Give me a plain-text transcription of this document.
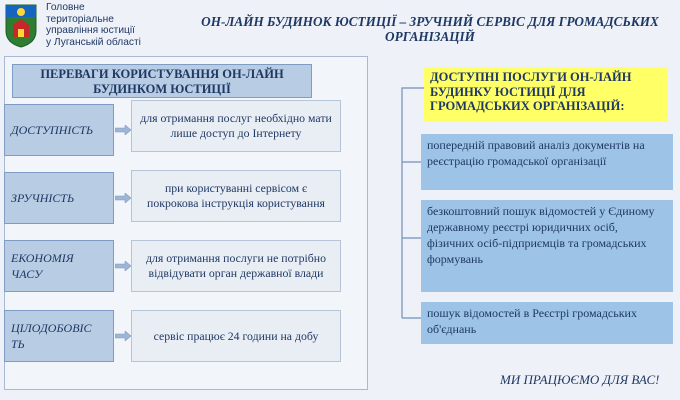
Головне
територіальне
управління юстиції
у Луганській області
ОН-ЛАЙН БУДИНОК ЮСТИЦІЇ – ЗРУЧНИЙ СЕРВІС ДЛЯ ГРОМАДСЬКИХ
ОРГАНІЗАЦІЙ
ПЕРЕВАГИ КОРИСТУВАННЯ ОН-ЛАЙН
БУДИНКОМ ЮСТИЦІЇ
ДОСТУПНІСТЬ
для отримання послуг необхідно мати лише доступ до Інтернету
ЗРУЧНІСТЬ
при користуванні сервісом є покрокова інструкція користування
ЕКОНОМІЯ ЧАСУ
для отримання послуги не потрібно відвідувати орган державної влади
ЦІЛОДОБОВІС ТЬ
сервіс працює 24 години на добу
ДОСТУПНІ ПОСЛУГИ ОН-ЛАЙН БУДИНКУ ЮСТИЦІЇ ДЛЯ ГРОМАДСЬКИХ ОРГАНІЗАЦІЙ:
попередній правовий аналіз документів на реєстрацію громадської організації
безкоштовний пошук відомостей у Єдиному державному реєстрі юридичних осіб, фізичних осіб-підприємців та громадських формувань
пошук відомостей в Реєстрі громадських об'єднань
МИ ПРАЦЮЄМО ДЛЯ ВАС!
